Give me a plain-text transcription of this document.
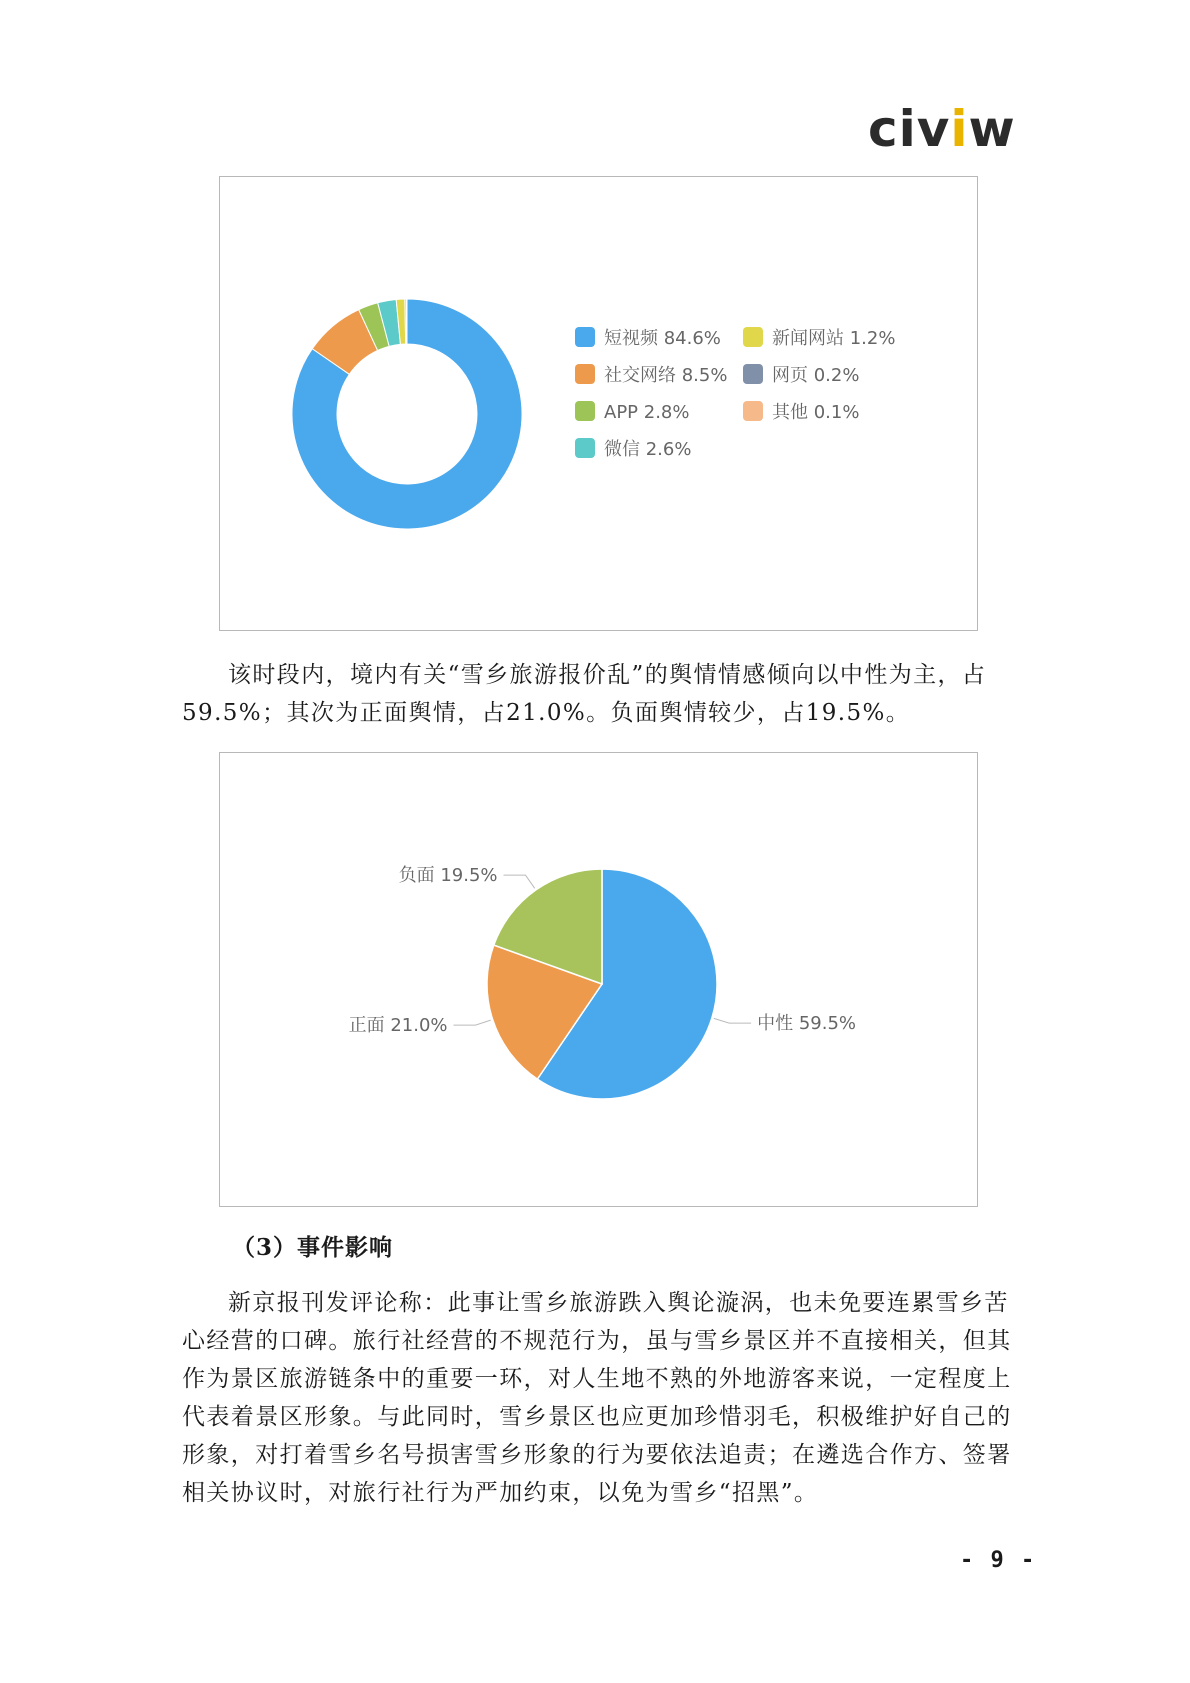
civiw
短视频 84.6%
社交网络 8.5%
APP 2.8%
微信 2.6%
新闻网站 1.2%
网页 0.2%
其他 0.1%

该时段内，境内有关“雪乡旅游报价乱”的舆情情感倾向以中性为主，占59.5%；其次为正面舆情，占21.0%。负面舆情较少，占19.5%。

中性 59.5%
正面 21.0%
负面 19.5%
（3）事件影响

新京报刊发评论称：此事让雪乡旅游跌入舆论漩涡，也未免要连累雪乡苦心经营的口碑。旅行社经营的不规范行为，虽与雪乡景区并不直接相关，但其作为景区旅游链条中的重要一环，对人生地不熟的外地游客来说，一定程度上代表着景区形象。与此同时，雪乡景区也应更加珍惜羽毛，积极维护好自己的形象，对打着雪乡名号损害雪乡形象的行为要依法追责；在遴选合作方、签署相关协议时，对旅行社行为严加约束，以免为雪乡“招黑”。

- 9 -
